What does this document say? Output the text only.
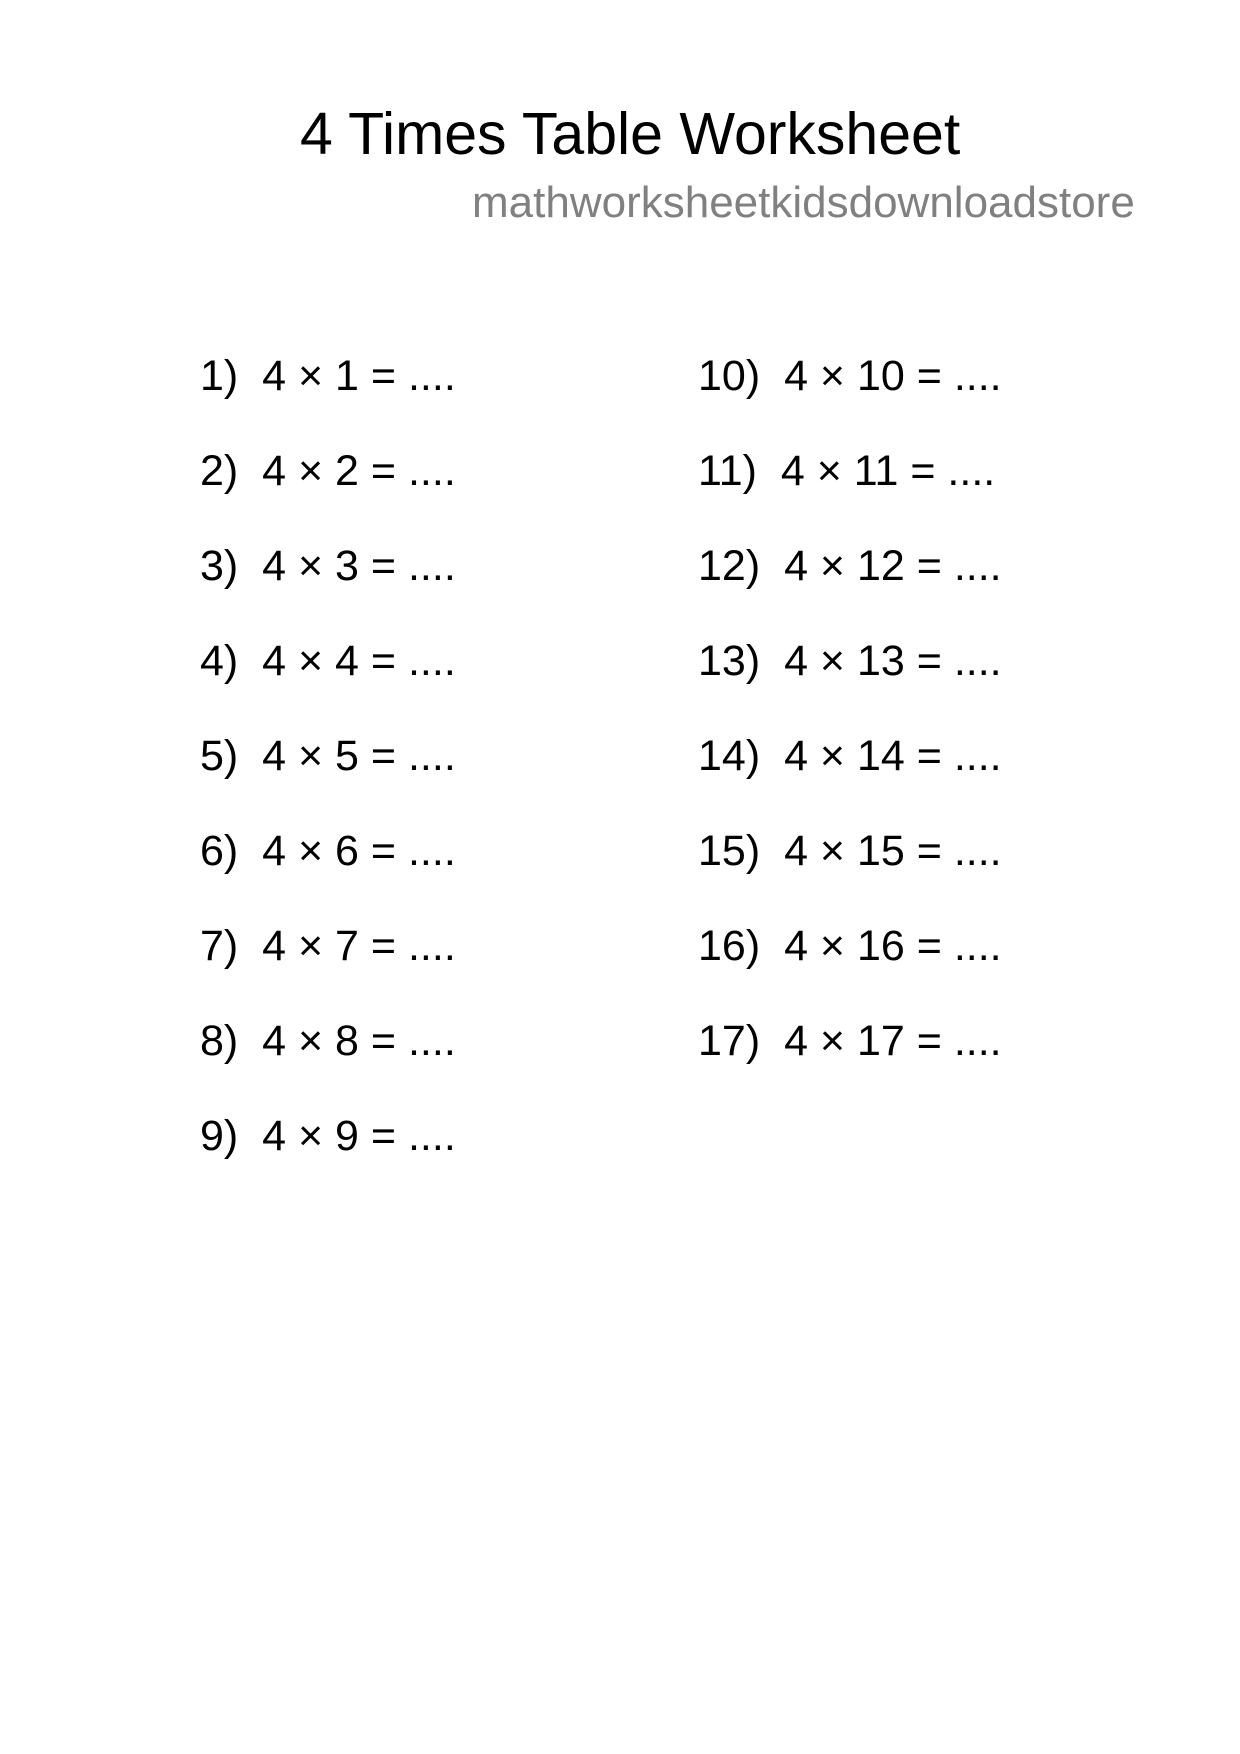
4 Times Table Worksheet
mathworksheetkidsdownloadstore
1) 4 × 1 = ....
2) 4 × 2 = ....
3) 4 × 3 = ....
4) 4 × 4 = ....
5) 4 × 5 = ....
6) 4 × 6 = ....
7) 4 × 7 = ....
8) 4 × 8 = ....
9) 4 × 9 = ....
10) 4 × 10 = ....
11) 4 × 11 = ....
12) 4 × 12 = ....
13) 4 × 13 = ....
14) 4 × 14 = ....
15) 4 × 15 = ....
16) 4 × 16 = ....
17) 4 × 17 = ....
